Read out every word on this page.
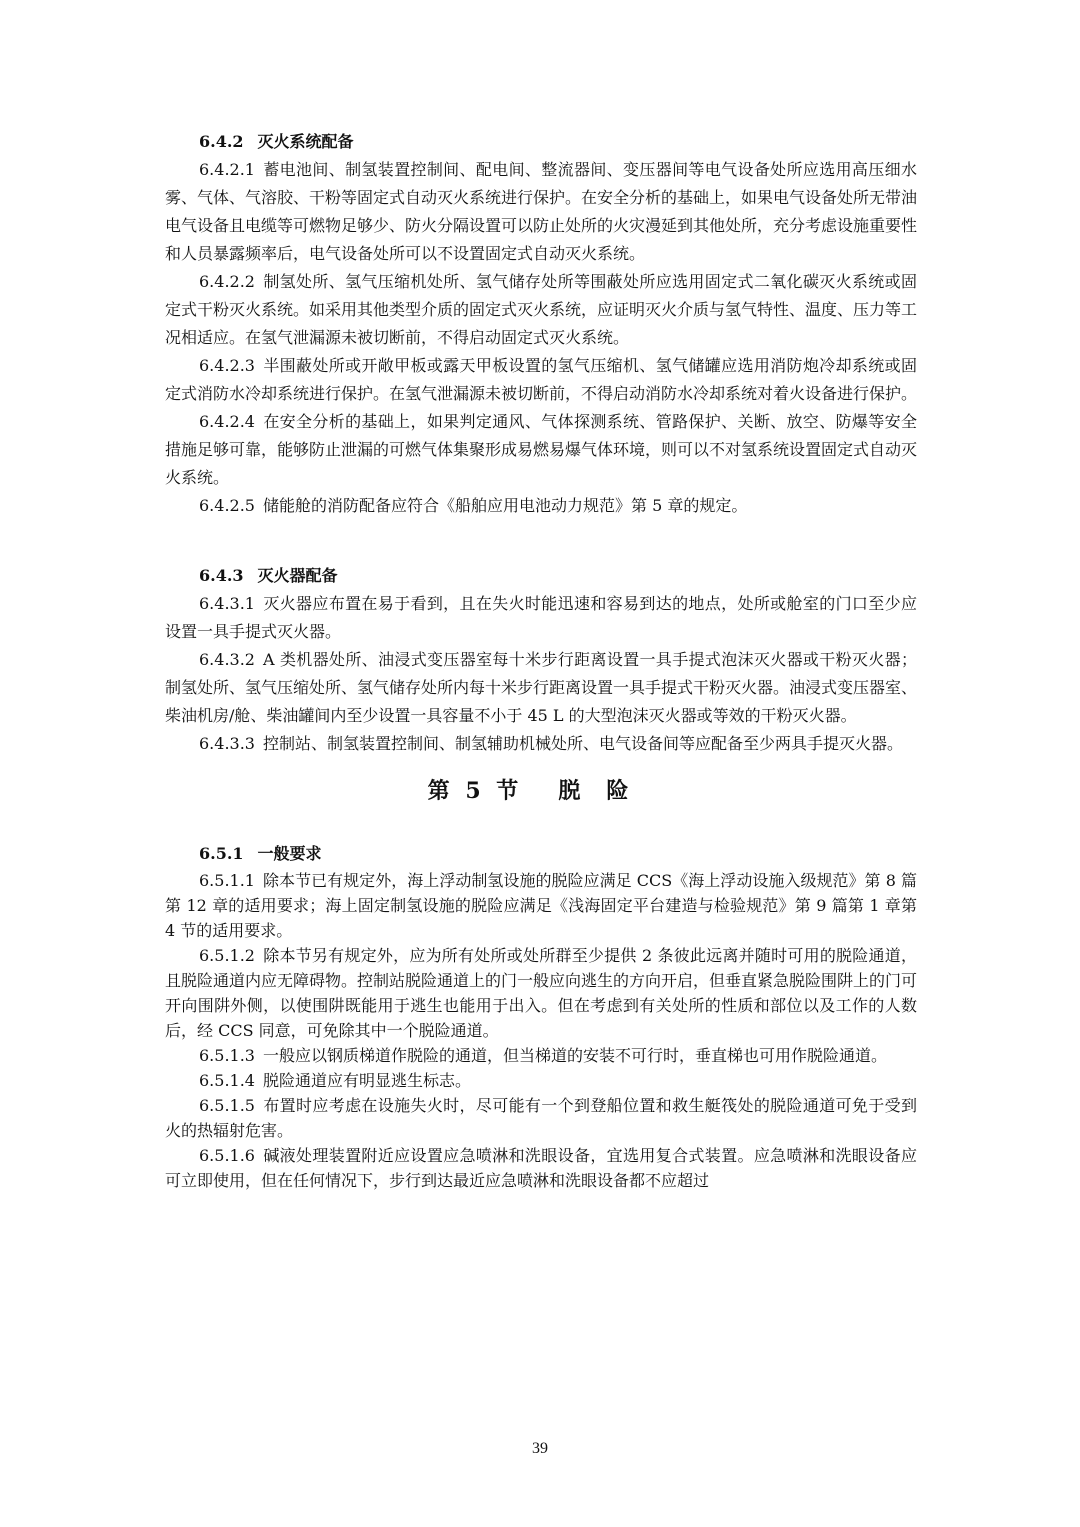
6.4.2 灭火系统配备

6.4.2.1 蓄电池间、制氢装置控制间、配电间、整流器间、变压器间等电气设备处所应选用高压细水雾、气体、气溶胶、干粉等固定式自动灭火系统进行保护。在安全分析的基础上，如果电气设备处所无带油电气设备且电缆等可燃物足够少、防火分隔设置可以防止处所的火灾漫延到其他处所，充分考虑设施重要性和人员暴露频率后，电气设备处所可以不设置固定式自动灭火系统。

6.4.2.2 制氢处所、氢气压缩机处所、氢气储存处所等围蔽处所应选用固定式二氧化碳灭火系统或固定式干粉灭火系统。如采用其他类型介质的固定式灭火系统，应证明灭火介质与氢气特性、温度、压力等工况相适应。在氢气泄漏源未被切断前，不得启动固定式灭火系统。

6.4.2.3 半围蔽处所或开敞甲板或露天甲板设置的氢气压缩机、氢气储罐应选用消防炮冷却系统或固定式消防水冷却系统进行保护。在氢气泄漏源未被切断前，不得启动消防水冷却系统对着火设备进行保护。

6.4.2.4 在安全分析的基础上，如果判定通风、气体探测系统、管路保护、关断、放空、防爆等安全措施足够可靠，能够防止泄漏的可燃气体集聚形成易燃易爆气体环境，则可以不对氢系统设置固定式自动灭火系统。

6.4.2.5 储能舱的消防配备应符合《船舶应用电池动力规范》第 5 章的规定。

6.4.3 灭火器配备

6.4.3.1 灭火器应布置在易于看到，且在失火时能迅速和容易到达的地点，处所或舱室的门口至少应设置一具手提式灭火器。

6.4.3.2 A 类机器处所、油浸式变压器室每十米步行距离设置一具手提式泡沫灭火器或干粉灭火器；制氢处所、氢气压缩处所、氢气储存处所内每十米步行距离设置一具手提式干粉灭火器。油浸式变压器室、柴油机房/舱、柴油罐间内至少设置一具容量不小于 45 L 的大型泡沫灭火器或等效的干粉灭火器。

6.4.3.3 控制站、制氢装置控制间、制氢辅助机械处所、电气设备间等应配备至少两具手提灭火器。

第 5 节 脱险
6.5.1 一般要求

6.5.1.1 除本节已有规定外，海上浮动制氢设施的脱险应满足 CCS《海上浮动设施入级规范》第 8 篇第 12 章的适用要求；海上固定制氢设施的脱险应满足《浅海固定平台建造与检验规范》第 9 篇第 1 章第 4 节的适用要求。

6.5.1.2 除本节另有规定外，应为所有处所或处所群至少提供 2 条彼此远离并随时可用的脱险通道，且脱险通道内应无障碍物。控制站脱险通道上的门一般应向逃生的方向开启，但垂直紧急脱险围阱上的门可开向围阱外侧，以使围阱既能用于逃生也能用于出入。但在考虑到有关处所的性质和部位以及工作的人数后，经 CCS 同意，可免除其中一个脱险通道。

6.5.1.3 一般应以钢质梯道作脱险的通道，但当梯道的安装不可行时，垂直梯也可用作脱险通道。

6.5.1.4 脱险通道应有明显逃生标志。

6.5.1.5 布置时应考虑在设施失火时，尽可能有一个到登船位置和救生艇筏处的脱险通道可免于受到火的热辐射危害。

6.5.1.6 碱液处理装置附近应设置应急喷淋和洗眼设备，宜选用复合式装置。应急喷淋和洗眼设备应可立即使用，但在任何情况下，步行到达最近应急喷淋和洗眼设备都不应超过

39
